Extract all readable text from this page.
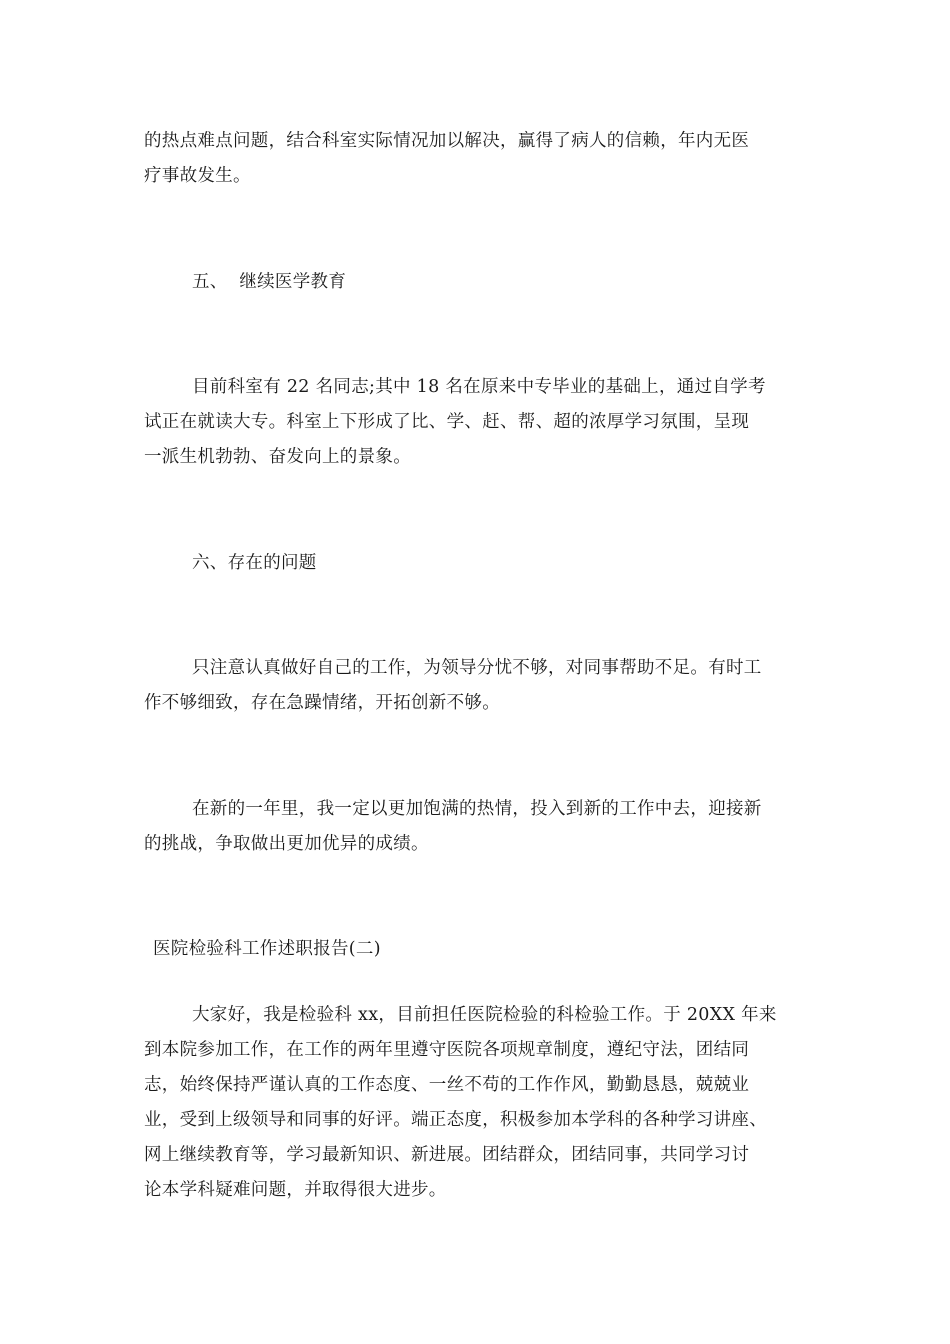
的热点难点问题，结合科室实际情况加以解决，赢得了病人的信赖，年内无医
疗事故发生。
五、  继续医学教育
目前科室有 22 名同志;其中 18 名在原来中专毕业的基础上，通过自学考
试正在就读大专。科室上下形成了比、学、赶、帮、超的浓厚学习氛围，呈现
一派生机勃勃、奋发向上的景象。
六、存在的问题
只注意认真做好自己的工作，为领导分忧不够，对同事帮助不足。有时工
作不够细致，存在急躁情绪，开拓创新不够。
在新的一年里，我一定以更加饱满的热情，投入到新的工作中去，迎接新
的挑战，争取做出更加优异的成绩。
医院检验科工作述职报告(二)
大家好，我是检验科 xx，目前担任医院检验的科检验工作。于 20XX 年来
到本院参加工作，在工作的两年里遵守医院各项规章制度，遵纪守法，团结同
志，始终保持严谨认真的工作态度、一丝不苟的工作作风，勤勤恳恳，兢兢业
业，受到上级领导和同事的好评。端正态度，积极参加本学科的各种学习讲座、
网上继续教育等，学习最新知识、新进展。团结群众，团结同事，共同学习讨
论本学科疑难问题，并取得很大进步。
